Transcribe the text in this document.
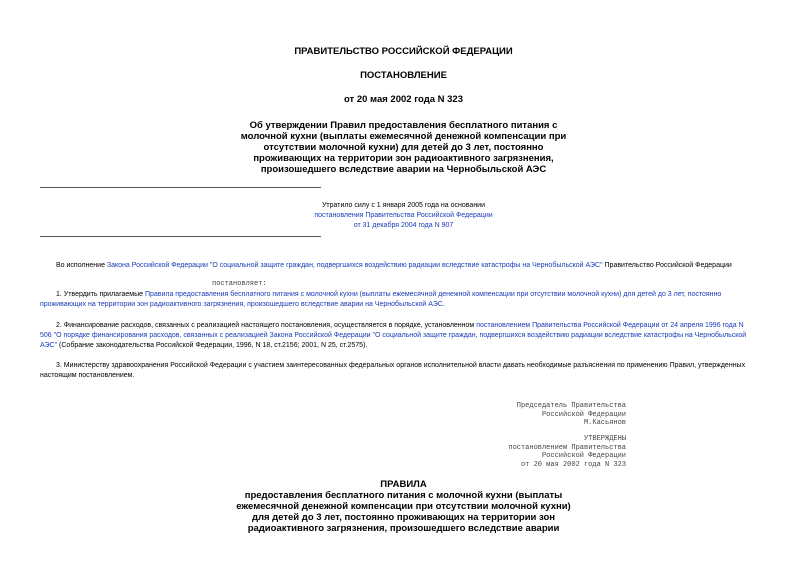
ПРАВИТЕЛЬСТВО РОССИЙСКОЙ ФЕДЕРАЦИИ
ПОСТАНОВЛЕНИЕ
от 20 мая 2002 года N 323
Об утверждении Правил предоставления бесплатного питания с
молочной кухни (выплаты ежемесячной денежной компенсации при
отсутствии молочной кухни) для детей до 3 лет, постоянно
проживающих на территории зон радиоактивного загрязнения,
произошедшего вследствие аварии на Чернобыльской АЭС
Утратило силу с 1 января 2005 года на основании
постановления Правительства Российской Федерации
от 31 декабря 2004 года N 907
Во исполнение Закона Российской Федерации "О социальной защите граждан, подвергшихся воздействию радиации вследствие катастрофы на Чернобыльской АЭС" Правительство Российской Федерации
постановляет:
1. Утвердить прилагаемые Правила предоставления бесплатного питания с молочной кухни (выплаты ежемесячной денежной компенсации при отсутствии молочной кухни) для детей до 3 лет, постоянно
проживающих на территории зон радиоактивного загрязнения, произошедшего вследствие аварии на Чернобыльской АЭС.
2. Финансирование расходов, связанных с реализацией настоящего постановления, осуществляется в порядке, установленном постановлением Правительства Российской Федерации от 24 апреля 1996 года N
506 "О порядке финансирования расходов, связанных с реализацией Закона Российской Федерации "О социальной защите граждан, подвергшихся воздействию радиации вследствие катастрофы на Чернобыльской
АЭС" (Собрание законодательства Российской Федерации, 1996, N 18, ст.2156; 2001, N 25, ст.2575).
3. Министерству здравоохранения Российской Федерации с участием заинтересованных федеральных органов исполнительной власти давать необходимые разъяснения по применению Правил, утвержденных
настоящим постановлением.
Председатель Правительства
Российской Федерации
М.Касьянов
УТВЕРЖДЕНЫ
постановлением Правительства
Российской Федерации
от 20 мая 2002 года N 323
ПРАВИЛА
предоставления бесплатного питания с молочной кухни (выплаты
ежемесячной денежной компенсации при отсутствии молочной кухни)
для детей до 3 лет, постоянно проживающих на территории зон
радиоактивного загрязнения, произошедшего вследствие аварии
